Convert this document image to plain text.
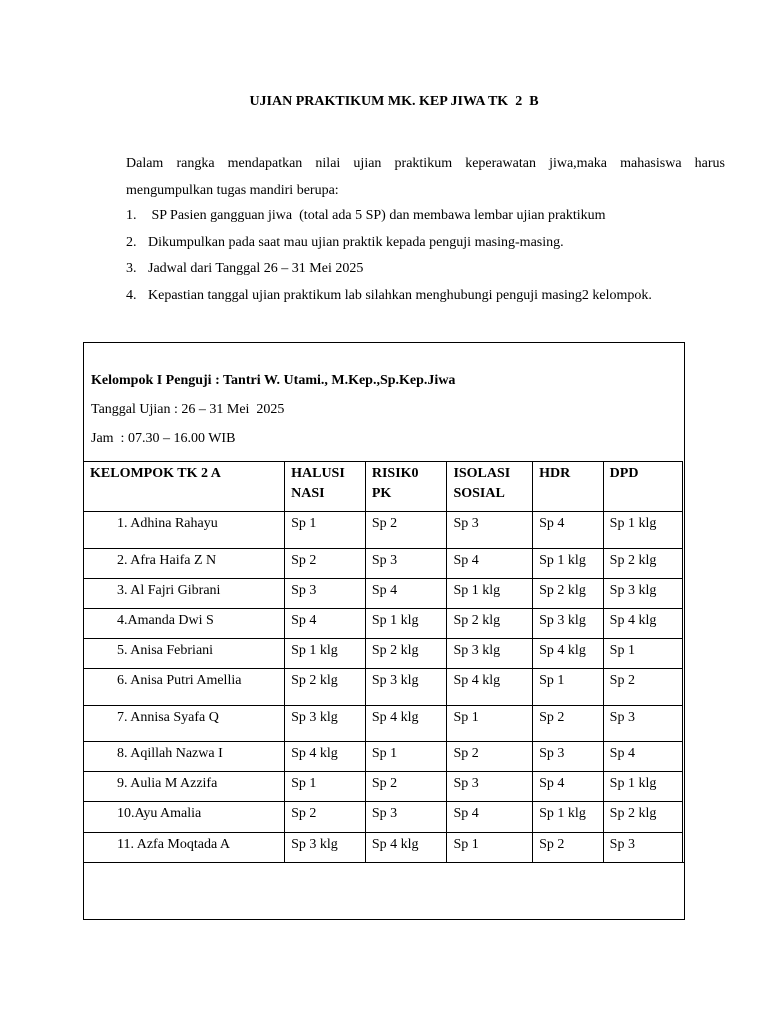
UJIAN PRAKTIKUM MK. KEP JIWA TK  2  B
Dalam rangka mendapatkan nilai ujian praktikum keperawatan jiwa,maka mahasiswa harus mengumpulkan tugas mandiri berupa:
1. SP Pasien gangguan jiwa  (total ada 5 SP) dan membawa lembar ujian praktikum
2. Dikumpulkan pada saat mau ujian praktik kepada penguji masing-masing.
3. Jadwal dari Tanggal 26 – 31 Mei 2025
4. Kepastian tanggal ujian praktikum lab silahkan menghubungi penguji masing2 kelompok.
Kelompok I Penguji : Tantri W. Utami., M.Kep.,Sp.Kep.Jiwa
Tanggal Ujian : 26 – 31 Mei  2025
Jam  : 07.30 – 16.00 WIB
KELOMPOK TK 2 A	HALUSI NASI	RISIK0 PK	ISOLASI SOSIAL	HDR	DPD
1. Adhina Rahayu	Sp 1	Sp 2	Sp 3	Sp 4	Sp 1 klg
2. Afra Haifa Z N	Sp 2	Sp 3	Sp 4	Sp 1 klg	Sp 2 klg
3. Al Fajri Gibrani	Sp 3	Sp 4	Sp 1 klg	Sp 2 klg	Sp 3 klg
4.Amanda Dwi S	Sp 4	Sp 1 klg	Sp 2 klg	Sp 3 klg	Sp 4 klg
5. Anisa Febriani	Sp 1 klg	Sp 2 klg	Sp 3 klg	Sp 4 klg	Sp 1
6. Anisa Putri Amellia	Sp 2 klg	Sp 3 klg	Sp 4 klg	Sp 1	Sp 2
7. Annisa Syafa Q	Sp 3 klg	Sp 4 klg	Sp 1	Sp 2	Sp 3
8. Aqillah Nazwa I	Sp 4 klg	Sp 1	Sp 2	Sp 3	Sp 4
9. Aulia M Azzifa	Sp 1	Sp 2	Sp 3	Sp 4	Sp 1 klg
10.Ayu Amalia	Sp 2	Sp 3	Sp 4	Sp 1 klg	Sp 2 klg
11. Azfa Moqtada A	Sp 3 klg	Sp 4 klg	Sp 1	Sp 2	Sp 3
